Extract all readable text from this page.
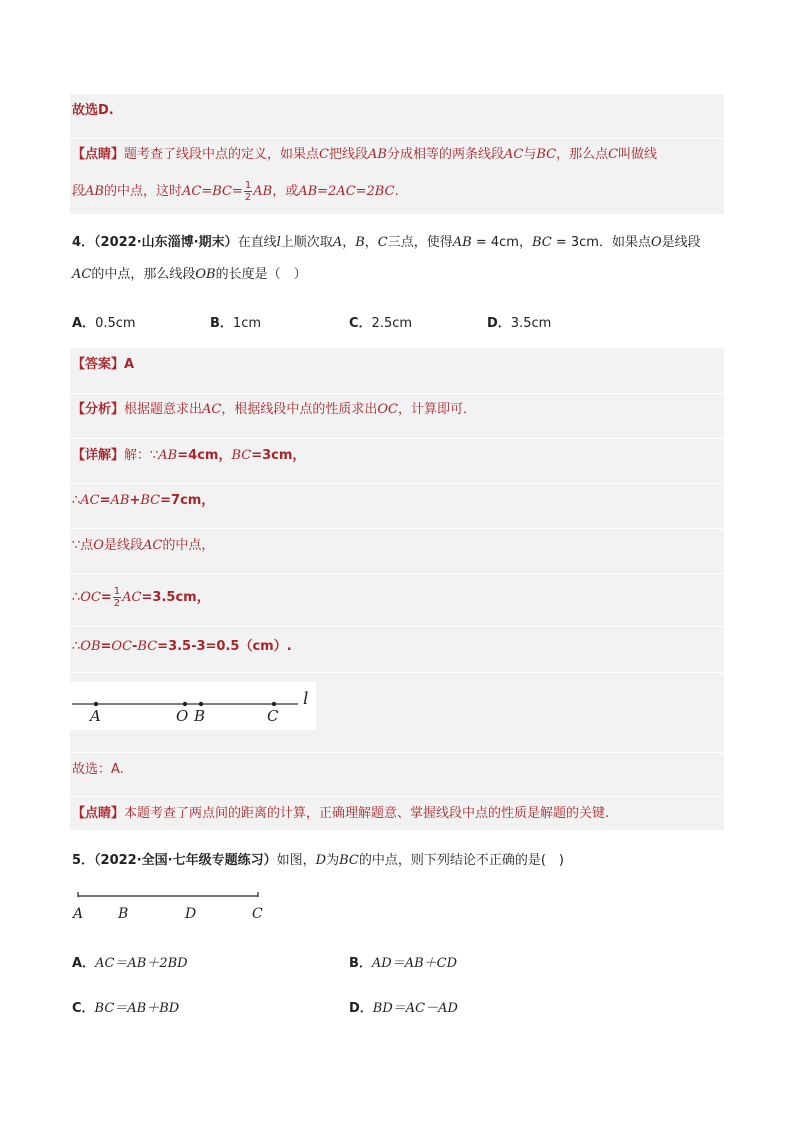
故选D.
【点睛】题考查了线段中点的定义，如果点C把线段AB分成相等的两条线段AC与BC，那么点C叫做线
段AB的中点，这时$AC=BC= \frac{1}{2}$ AB，或AB=2AC=2BC.
4．（2022·山东淄博·期末）在直线l上顺次取A，B，C三点，使得AB = 4cm，BC = 3cm．如果点O是线段
AC的中点，那么线段OB的长度是（　）
A．0.5cm	B．1cm	C．2.5cm	D．3.5cm
【答案】A
【分析】根据题意求出AC，根据线段中点的性质求出OC，计算即可．
【详解】解：∵AB=4cm，BC=3cm，
∴AC=AB+BC=7cm，
∵点O是线段AC的中点，
∴OC= $\frac{1}{2} AC=3.5cm$，
∴OB=OC-BC=3.5-3=0.5（cm）.
A	O B	C
l
故选：A.
【点睛】本题考查了两点间的距离的计算，正确理解题意、掌握线段中点的性质是解题的关键.
5．（2022·全国·七年级专题练习）如图，D为BC的中点，则下列结论不正确的是(　)
A B	D	C
A．AC＝AB＋2BD	B．AD＝AB＋CD
C．BC＝AB＋BD	D．BD＝AC－AD
